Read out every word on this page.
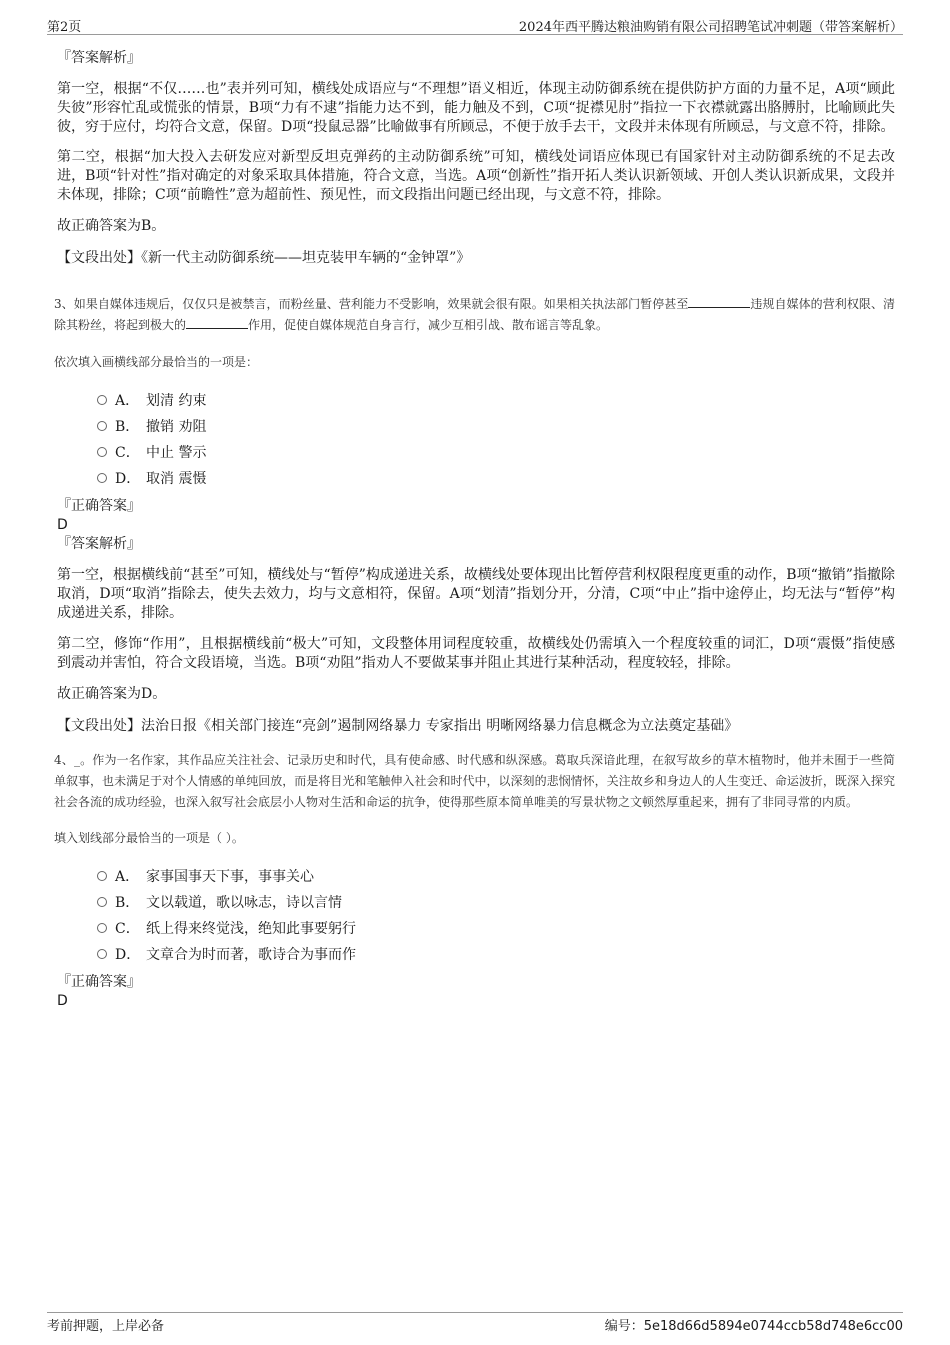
第2页	2024年西平腾达粮油购销有限公司招聘笔试冲刺题（带答案解析）

『答案解析』

第一空，根据“不仅……也”表并列可知，横线处成语应与“不理想”语义相近，体现主动防御系统在提供防护方面的力量不足，A项“顾此失彼”形容忙乱或慌张的情景，B项“力有不逮”指能力达不到，能力触及不到，C项“捉襟见肘”指拉一下衣襟就露出胳膊肘，比喻顾此失彼，穷于应付，均符合文意，保留。D项“投鼠忌器”比喻做事有所顾忌，不便于放手去干，文段并未体现有所顾忌，与文意不符，排除。

第二空，根据“加大投入去研发应对新型反坦克弹药的主动防御系统”可知，横线处词语应体现已有国家针对主动防御系统的不足去改进，B项“针对性”指对确定的对象采取具体措施，符合文意，当选。A项“创新性”指开拓人类认识新领域、开创人类认识新成果，文段并未体现，排除；C项“前瞻性”意为超前性、预见性，而文段指出问题已经出现，与文意不符，排除。

故正确答案为B。

【文段出处】《新一代主动防御系统——坦克装甲车辆的“金钟罩”》

3、如果自媒体违规后，仅仅只是被禁言，而粉丝量、营利能力不受影响，效果就会很有限。如果相关执法部门暂停甚至	违规自媒体的营利权限、清除其粉丝，将起到极大的	作用，促使自媒体规范自身言行，减少互相引战、散布谣言等乱象。

依次填入画横线部分最恰当的一项是：

A． 划清 约束
B． 撤销 劝阻
C． 中止 警示
D． 取消 震慑

『正确答案』

D

『答案解析』

第一空，根据横线前“甚至”可知，横线处与“暂停”构成递进关系，故横线处要体现出比暂停营利权限程度更重的动作，B项“撤销”指撤除取消，D项“取消”指除去，使失去效力，均与文意相符，保留。A项“划清”指划分开，分清，C项“中止”指中途停止，均无法与“暂停”构成递进关系，排除。

第二空，修饰“作用”，且根据横线前“极大”可知，文段整体用词程度较重，故横线处仍需填入一个程度较重的词汇，D项“震慑”指使感到震动并害怕，符合文段语境，当选。B项“劝阻”指劝人不要做某事并阻止其进行某种活动，程度较轻，排除。

故正确答案为D。

【文段出处】法治日报《相关部门接连“亮剑”遏制网络暴力 专家指出 明晰网络暴力信息概念为立法奠定基础》

4、_。作为一名作家，其作品应关注社会、记录历史和时代，具有使命感、时代感和纵深感。葛取兵深谙此理，在叙写故乡的草木植物时，他并未囿于一些简单叙事，也未满足于对个人情感的单纯回放，而是将目光和笔触伸入社会和时代中，以深刻的悲悯情怀，关注故乡和身边人的人生变迁、命运波折，既深入探究社会各流的成功经验，也深入叙写社会底层小人物对生活和命运的抗争，使得那些原本简单唯美的写景状物之文顿然厚重起来，拥有了非同寻常的内质。

填入划线部分最恰当的一项是（ ）。

A． 家事国事天下事，事事关心
B． 文以载道，歌以咏志，诗以言情
C． 纸上得来终觉浅，绝知此事要躬行
D． 文章合为时而著，歌诗合为事而作

『正确答案』

D

考前押题，上岸必备	编号：5e18d66d5894e0744ccb58d748e6cc00
